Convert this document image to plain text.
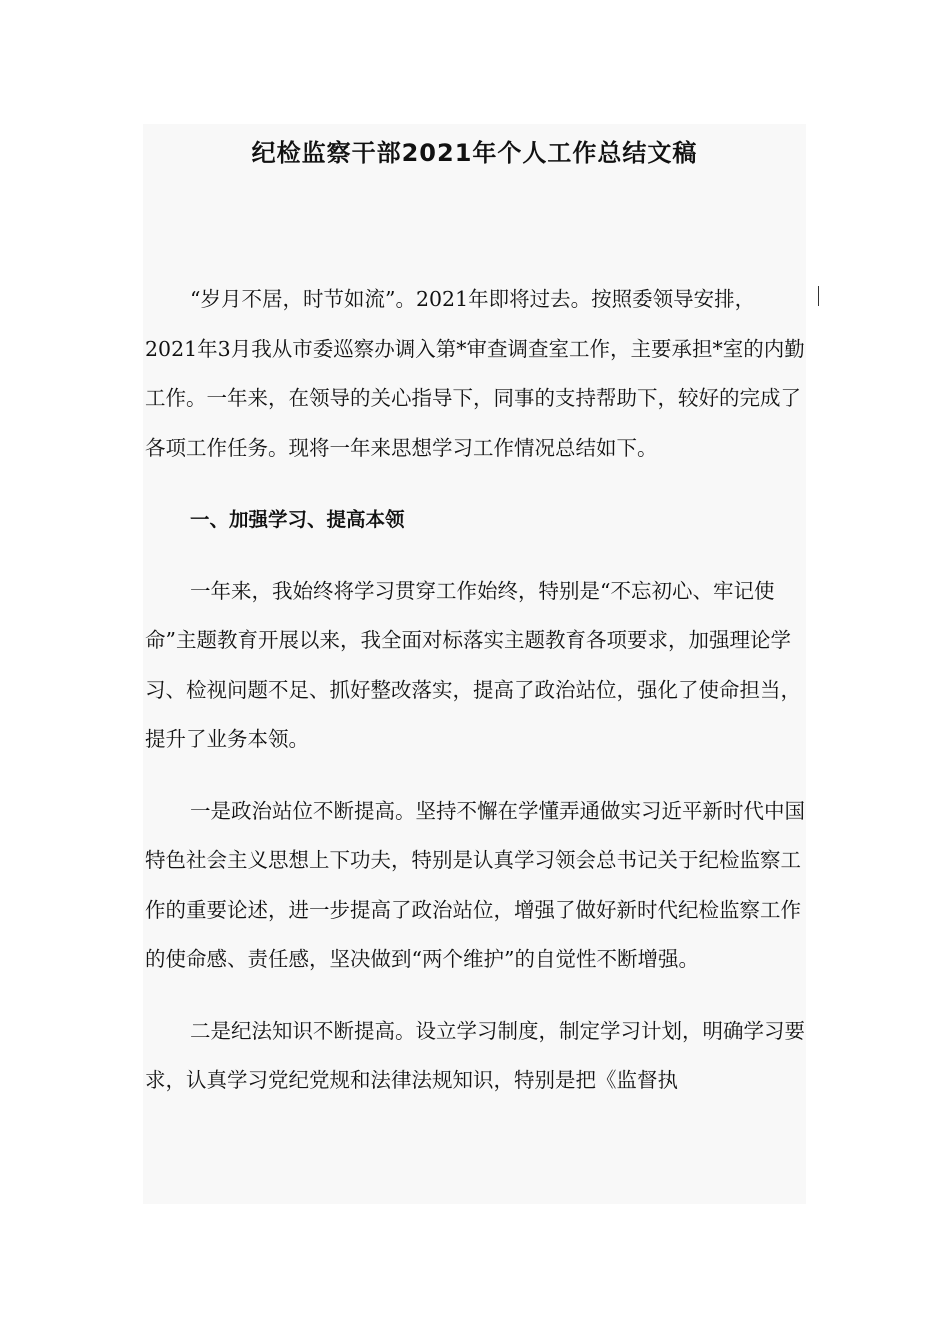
纪检监察干部2021年个人工作总结文稿

“岁月不居，时节如流”。2021年即将过去。按照委领导安排，2021年3月我从市委巡察办调入第*审查调查室工作，主要承担*室的内勤工作。一年来，在领导的关心指导下，同事的支持帮助下，较好的完成了各项工作任务。现将一年来思想学习工作情况总结如下。

一、加强学习、提高本领

一年来，我始终将学习贯穿工作始终，特别是“不忘初心、牢记使命”主题教育开展以来，我全面对标落实主题教育各项要求，加强理论学习、检视问题不足、抓好整改落实，提高了政治站位，强化了使命担当，提升了业务本领。

一是政治站位不断提高。坚持不懈在学懂弄通做实习近平新时代中国特色社会主义思想上下功夫，特别是认真学习领会总书记关于纪检监察工作的重要论述，进一步提高了政治站位，增强了做好新时代纪检监察工作的使命感、责任感，坚决做到“两个维护”的自觉性不断增强。

二是纪法知识不断提高。设立学习制度，制定学习计划，明确学习要求，认真学习党纪党规和法律法规知识，特别是把《监督执
